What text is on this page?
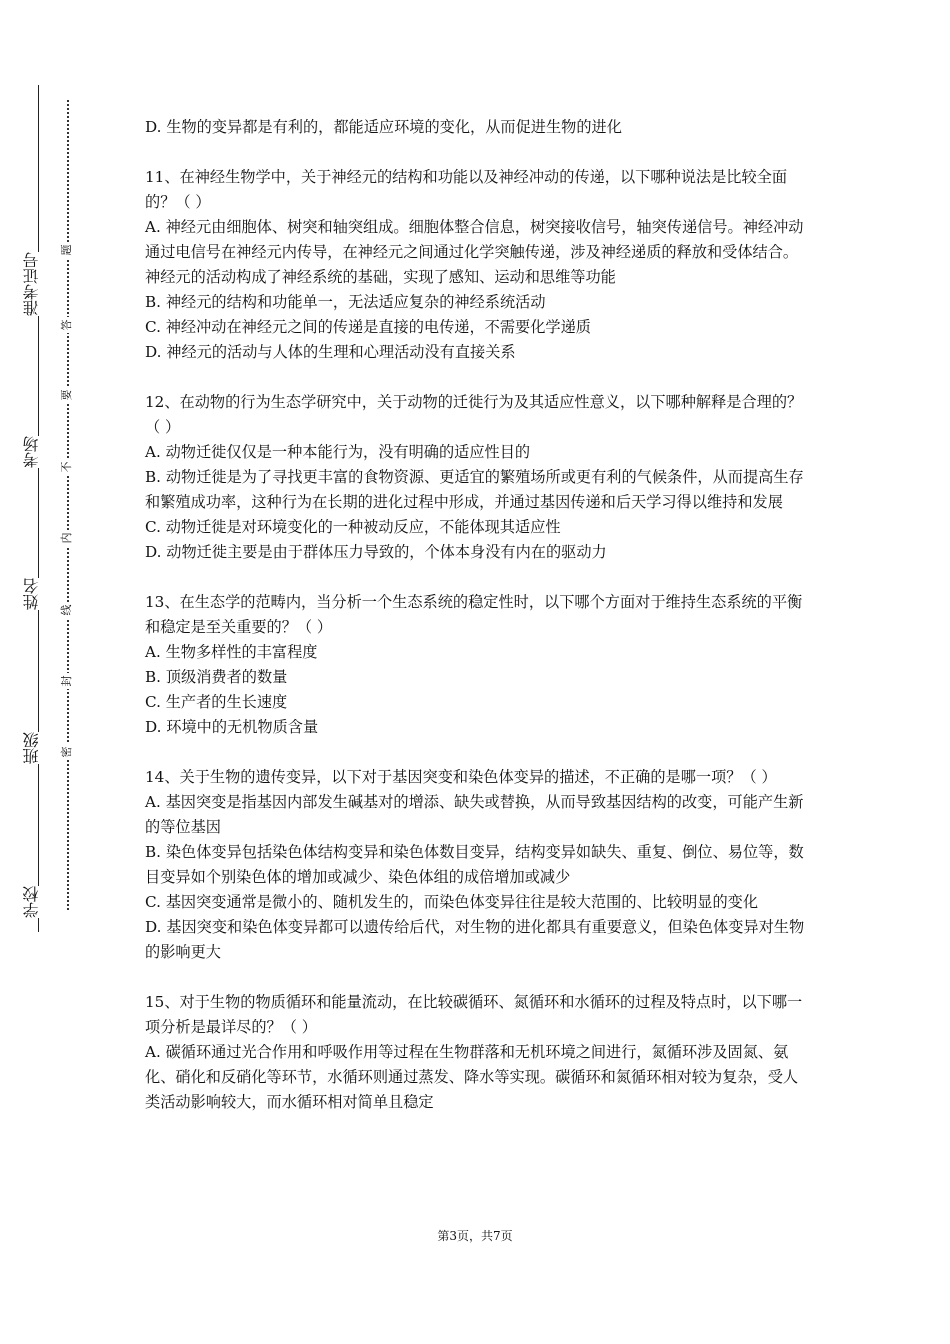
准考证号
考场
姓名
班级
学校
题
答
要
不
内
线
封
密

D. 生物的变异都是有利的，都能适应环境的变化，从而促进生物的进化

11、在神经生物学中，关于神经元的结构和功能以及神经冲动的传递，以下哪种说法是比较全面的？（ ）

A. 神经元由细胞体、树突和轴突组成。细胞体整合信息，树突接收信号，轴突传递信号。神经冲动通过电信号在神经元内传导，在神经元之间通过化学突触传递，涉及神经递质的释放和受体结合。神经元的活动构成了神经系统的基础，实现了感知、运动和思维等功能

B. 神经元的结构和功能单一，无法适应复杂的神经系统活动

C. 神经冲动在神经元之间的传递是直接的电传递，不需要化学递质

D. 神经元的活动与人体的生理和心理活动没有直接关系

12、在动物的行为生态学研究中，关于动物的迁徙行为及其适应性意义，以下哪种解释是合理的？（ ）

A. 动物迁徙仅仅是一种本能行为，没有明确的适应性目的

B. 动物迁徙是为了寻找更丰富的食物资源、更适宜的繁殖场所或更有利的气候条件，从而提高生存和繁殖成功率，这种行为在长期的进化过程中形成，并通过基因传递和后天学习得以维持和发展

C. 动物迁徙是对环境变化的一种被动反应，不能体现其适应性

D. 动物迁徙主要是由于群体压力导致的，个体本身没有内在的驱动力

13、在生态学的范畴内，当分析一个生态系统的稳定性时，以下哪个方面对于维持生态系统的平衡和稳定是至关重要的？（ ）

A. 生物多样性的丰富程度

B. 顶级消费者的数量

C. 生产者的生长速度

D. 环境中的无机物质含量

14、关于生物的遗传变异，以下对于基因突变和染色体变异的描述，不正确的是哪一项？（ ）

A. 基因突变是指基因内部发生碱基对的增添、缺失或替换，从而导致基因结构的改变，可能产生新的等位基因

B. 染色体变异包括染色体结构变异和染色体数目变异，结构变异如缺失、重复、倒位、易位等，数目变异如个别染色体的增加或减少、染色体组的成倍增加或减少

C. 基因突变通常是微小的、随机发生的，而染色体变异往往是较大范围的、比较明显的变化

D. 基因突变和染色体变异都可以遗传给后代，对生物的进化都具有重要意义，但染色体变异对生物的影响更大

15、对于生物的物质循环和能量流动，在比较碳循环、氮循环和水循环的过程及特点时，以下哪一项分析是最详尽的？（ ）

A. 碳循环通过光合作用和呼吸作用等过程在生物群落和无机环境之间进行，氮循环涉及固氮、氨化、硝化和反硝化等环节，水循环则通过蒸发、降水等实现。碳循环和氮循环相对较为复杂，受人类活动影响较大，而水循环相对简单且稳定

第3页，共7页
